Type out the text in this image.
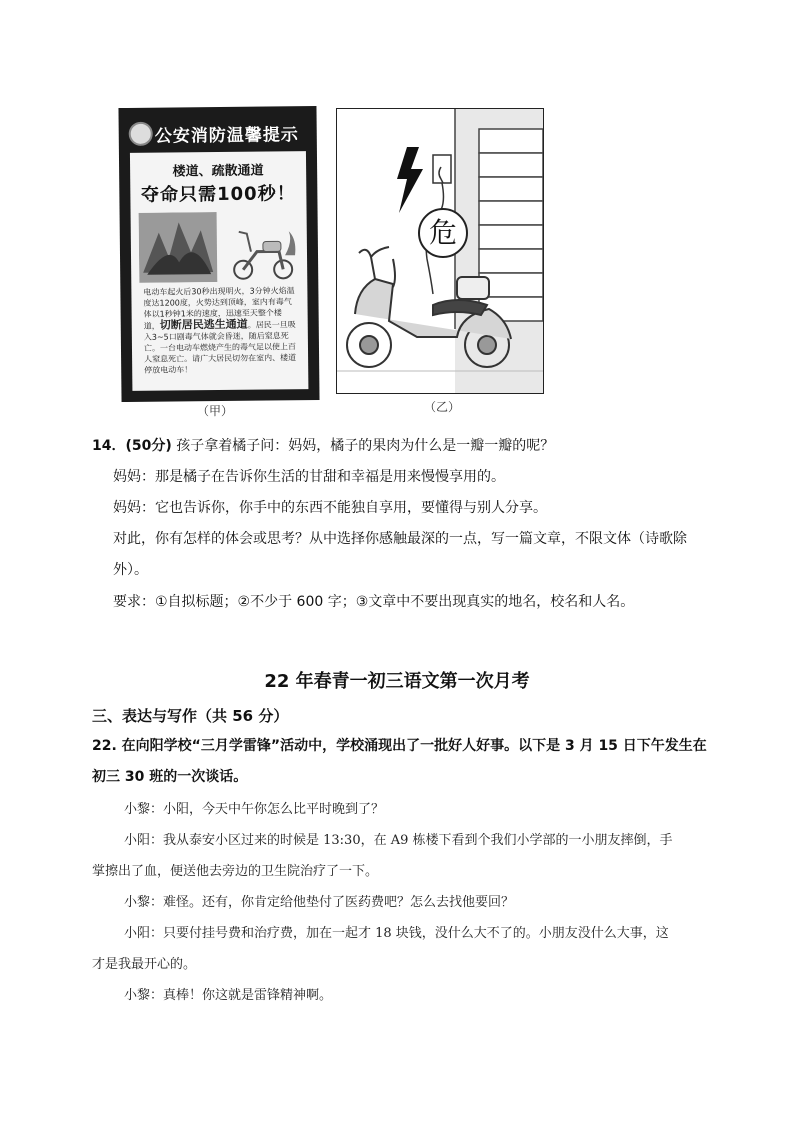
公安消防温馨提示
楼道、疏散通道
夺命只需100秒！
电动车起火后30秒出现明火，3分钟火焰温度达1200度，火势达到顶峰，室内有毒气体以1秒钟1米的速度，迅速至天整个楼道，切断居民逃生通道。居民一旦吸入3~5口剧毒气体就会昏迷，随后窒息死亡。一台电动车燃烧产生的毒气足以使上百人窒息死亡。请广大居民切勿在室内、楼道停放电动车！
（甲）
危
（乙）
14．(50分) 孩子拿着橘子问：妈妈，橘子的果肉为什么是一瓣一瓣的呢？
妈妈：那是橘子在告诉你生活的甘甜和幸福是用来慢慢享用的。
妈妈：它也告诉你，你手中的东西不能独自享用，要懂得与别人分享。
对此，你有怎样的体会或思考？从中选择你感触最深的一点，写一篇文章，不限文体（诗歌除
外）。
要求：①自拟标题；②不少于 600 字；③文章中不要出现真实的地名，校名和人名。
22 年春青一初三语文第一次月考
三、表达与写作（共 56 分）
22. 在向阳学校“三月学雷锋”活动中，学校涌现出了一批好人好事。以下是 3 月 15 日下午发生在
初三 30 班的一次谈话。
小黎：小阳，今天中午你怎么比平时晚到了？
小阳：我从泰安小区过来的时候是 13:30，在 A9 栋楼下看到个我们小学部的一小朋友摔倒，手
掌擦出了血，便送他去旁边的卫生院治疗了一下。
小黎：难怪。还有，你肯定给他垫付了医药费吧？怎么去找他要回？
小阳：只要付挂号费和治疗费，加在一起才 18 块钱，没什么大不了的。小朋友没什么大事，这
才是我最开心的。
小黎：真棒！你这就是雷锋精神啊。
